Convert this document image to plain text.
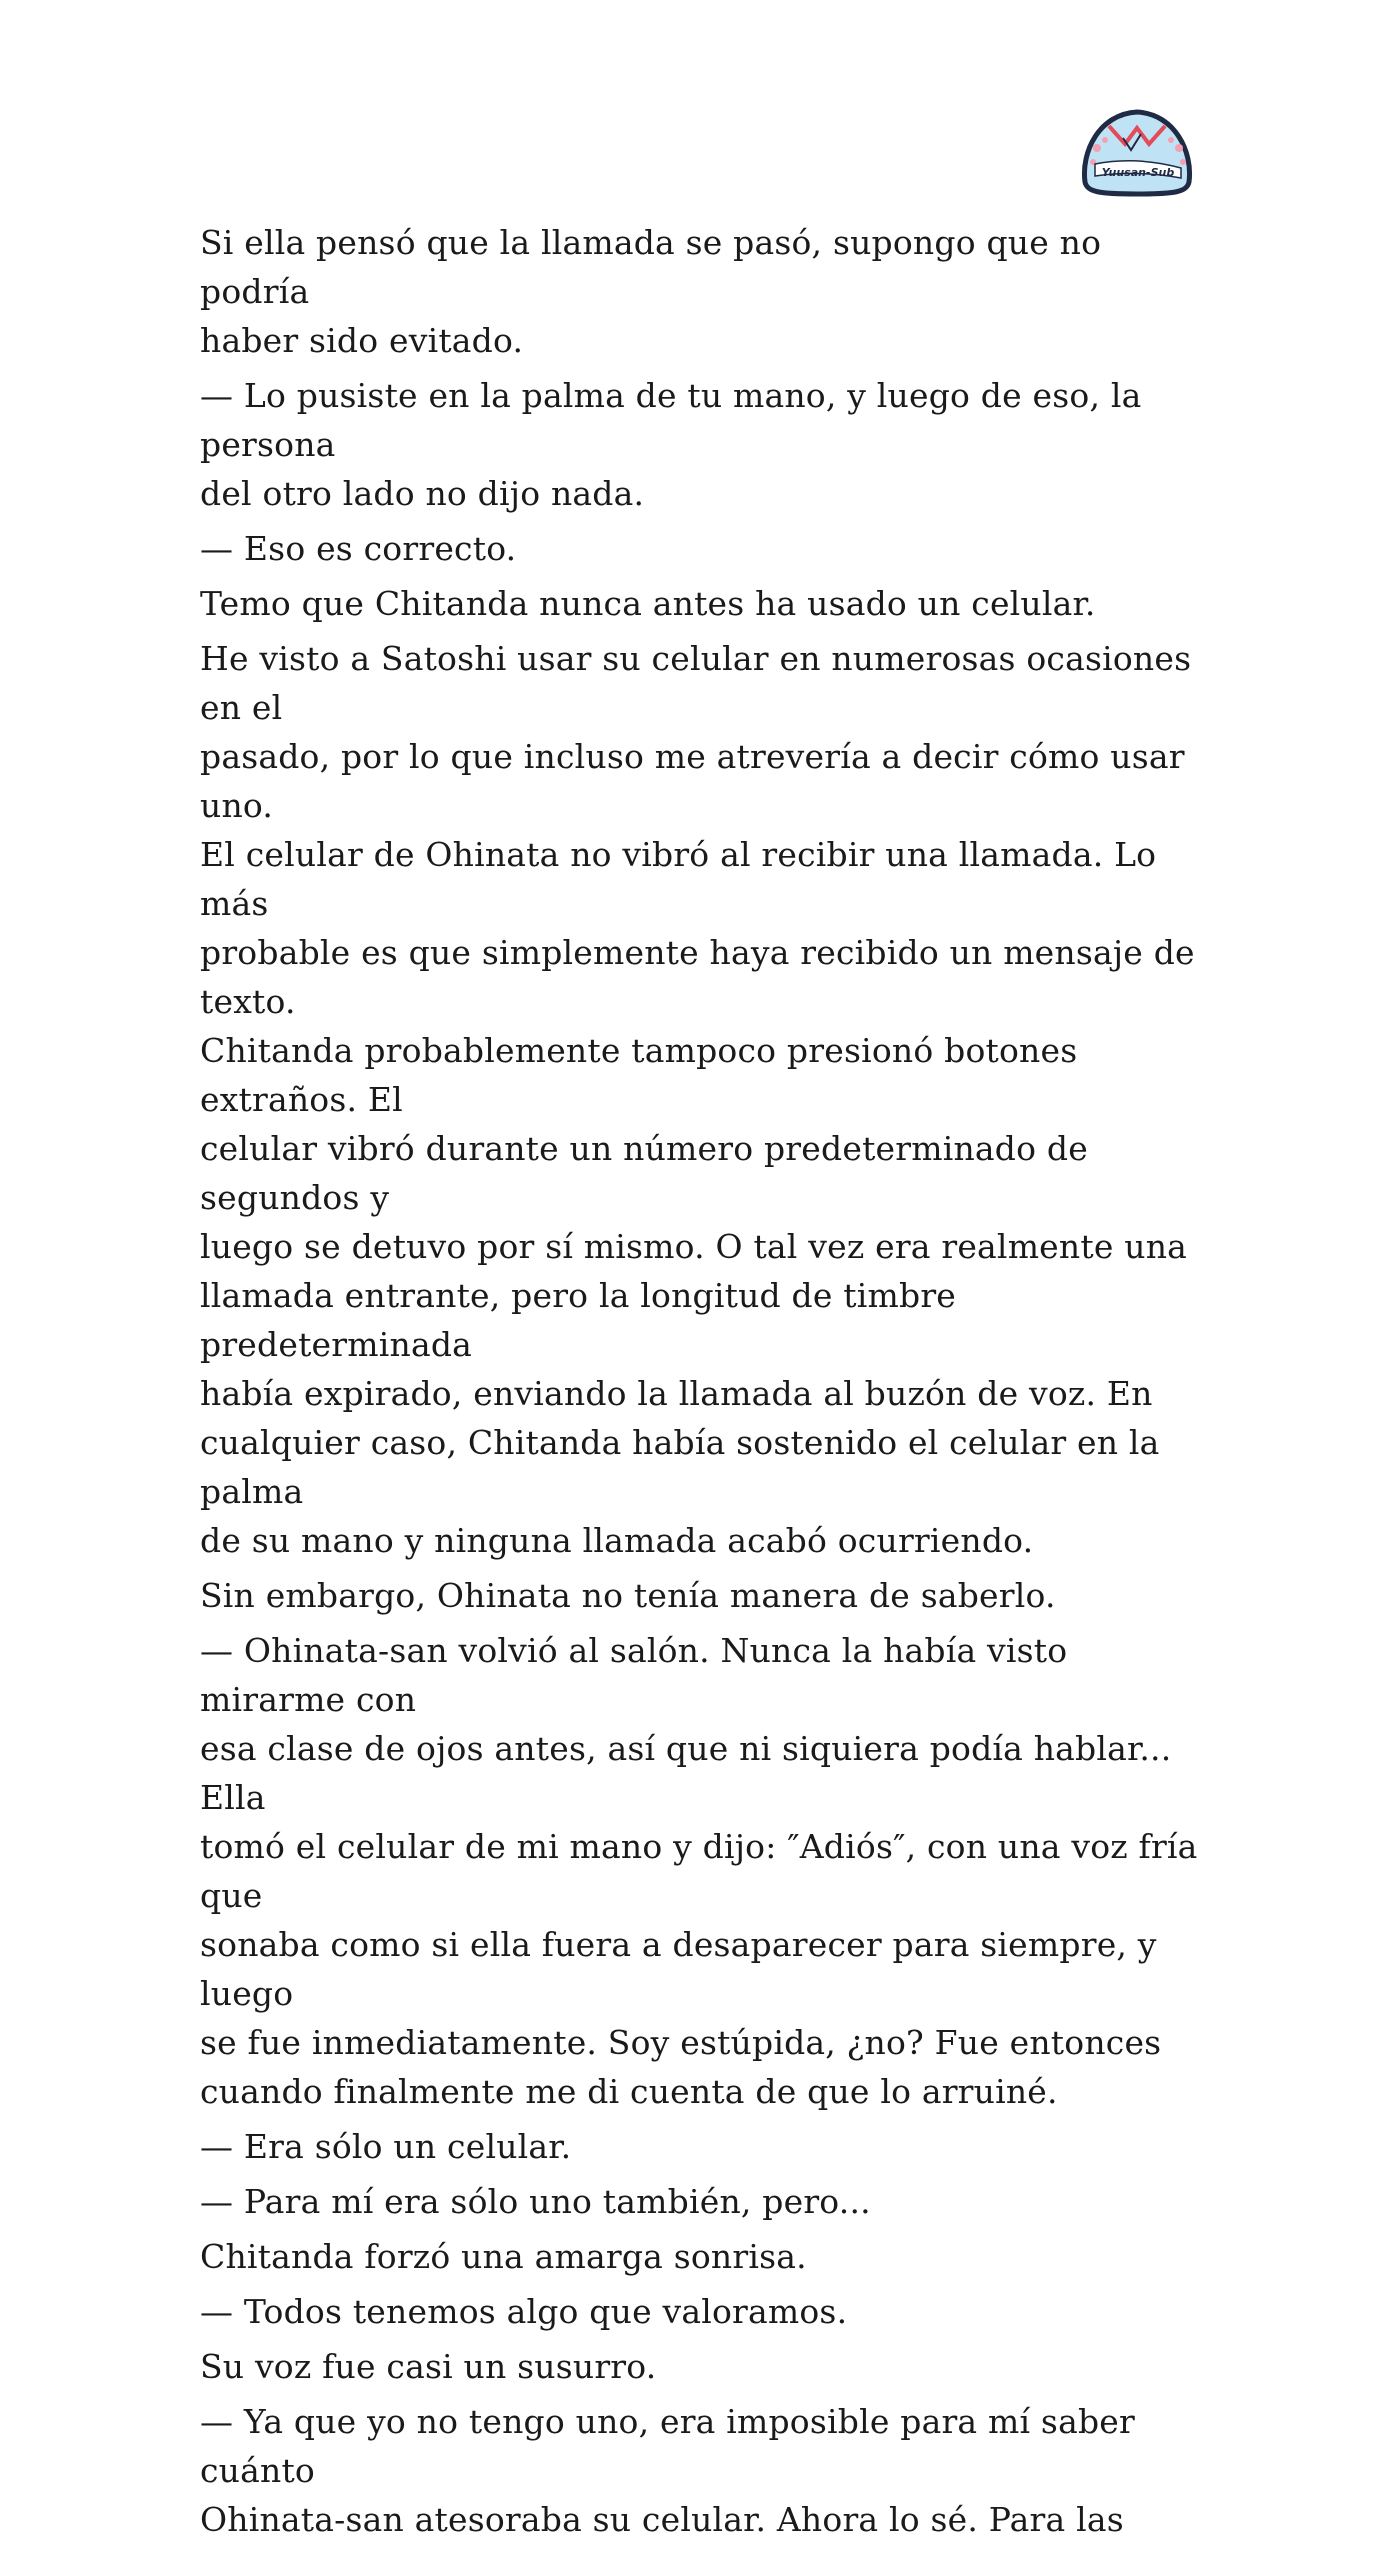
Yuusan-Sub

Si ella pensó que la llamada se pasó, supongo que no podría
haber sido evitado.

— Lo pusiste en la palma de tu mano, y luego de eso, la persona
del otro lado no dijo nada.

— Eso es correcto.

Temo que Chitanda nunca antes ha usado un celular.

He visto a Satoshi usar su celular en numerosas ocasiones en el
pasado, por lo que incluso me atrevería a decir cómo usar uno.
El celular de Ohinata no vibró al recibir una llamada. Lo más
probable es que simplemente haya recibido un mensaje de texto.
Chitanda probablemente tampoco presionó botones extraños. El
celular vibró durante un número predeterminado de segundos y
luego se detuvo por sí mismo. O tal vez era realmente una
llamada entrante, pero la longitud de timbre predeterminada
había expirado, enviando la llamada al buzón de voz. En
cualquier caso, Chitanda había sostenido el celular en la palma
de su mano y ninguna llamada acabó ocurriendo.

Sin embargo, Ohinata no tenía manera de saberlo.

— Ohinata-san volvió al salón. Nunca la había visto mirarme con
esa clase de ojos antes, así que ni siquiera podía hablar... Ella
tomó el celular de mi mano y dijo: ″Adiós″, con una voz fría que
sonaba como si ella fuera a desaparecer para siempre, y luego
se fue inmediatamente. Soy estúpida, ¿no? Fue entonces
cuando finalmente me di cuenta de que lo arruiné.

— Era sólo un celular.

— Para mí era sólo uno también, pero...

Chitanda forzó una amarga sonrisa.

— Todos tenemos algo que valoramos.

Su voz fue casi un susurro.

— Ya que yo no tengo uno, era imposible para mí saber cuánto
Ohinata-san atesoraba su celular. Ahora lo sé. Para las
